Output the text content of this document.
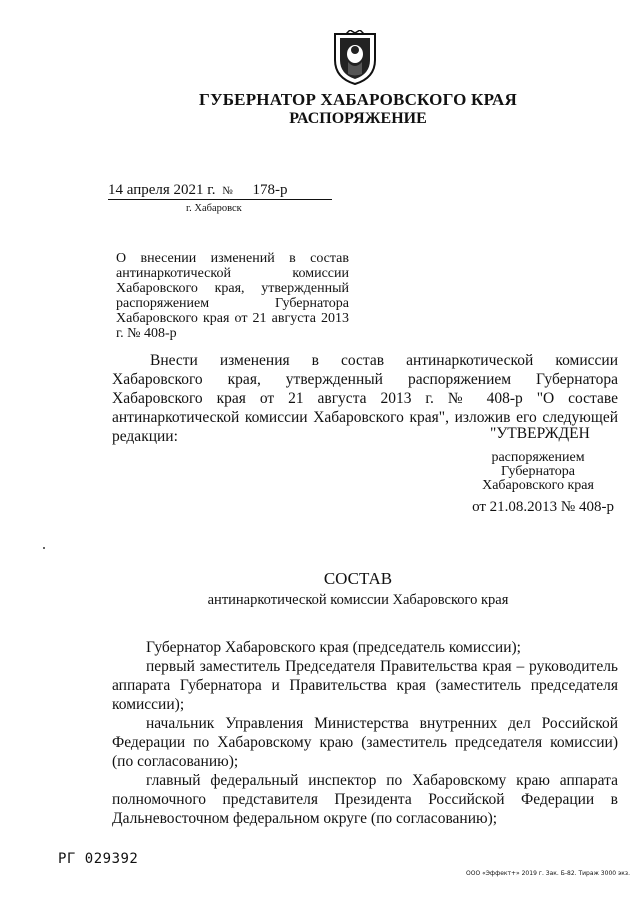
ГУБЕРНАТОР ХАБАРОВСКОГО КРАЯ
РАСПОРЯЖЕНИЕ
14 апреля 2021 г. № 178-р
г. Хабаровск
О внесении изменений в состав антинаркотической комиссии Хабаровского края, утвержденный распоряжением Губернатора Хабаровского края от 21 августа 2013 г. № 408-р

Внести изменения в состав антинаркотической комиссии Хабаровского края, утвержденный распоряжением Губернатора Хабаровского края от 21 августа 2013 г. № 408-р "О составе антинаркотической комиссии Хабаровского края", изложив его следующей редакции:	"УТВЕРЖДЕН
распоряжением
Губернатора
Хабаровского края
от 21.08.2013 № 408-р
СОСТАВ
антинаркотической комиссии Хабаровского края
Губернатор Хабаровского края (председатель комиссии);
первый заместитель Председателя Правительства края – руководитель аппарата Губернатора и Правительства края (заместитель председателя комиссии);
начальник Управления Министерства внутренних дел Российской Федерации по Хабаровскому краю (заместитель председателя комиссии) (по согласованию);
главный федеральный инспектор по Хабаровскому краю аппарата полномочного представителя Президента Российской Федерации в Дальневосточном федеральном округе (по согласованию);
РГ 029392
ООО «Эффект+» 2019 г. Зак. Б-82. Тираж 3000 экз.
